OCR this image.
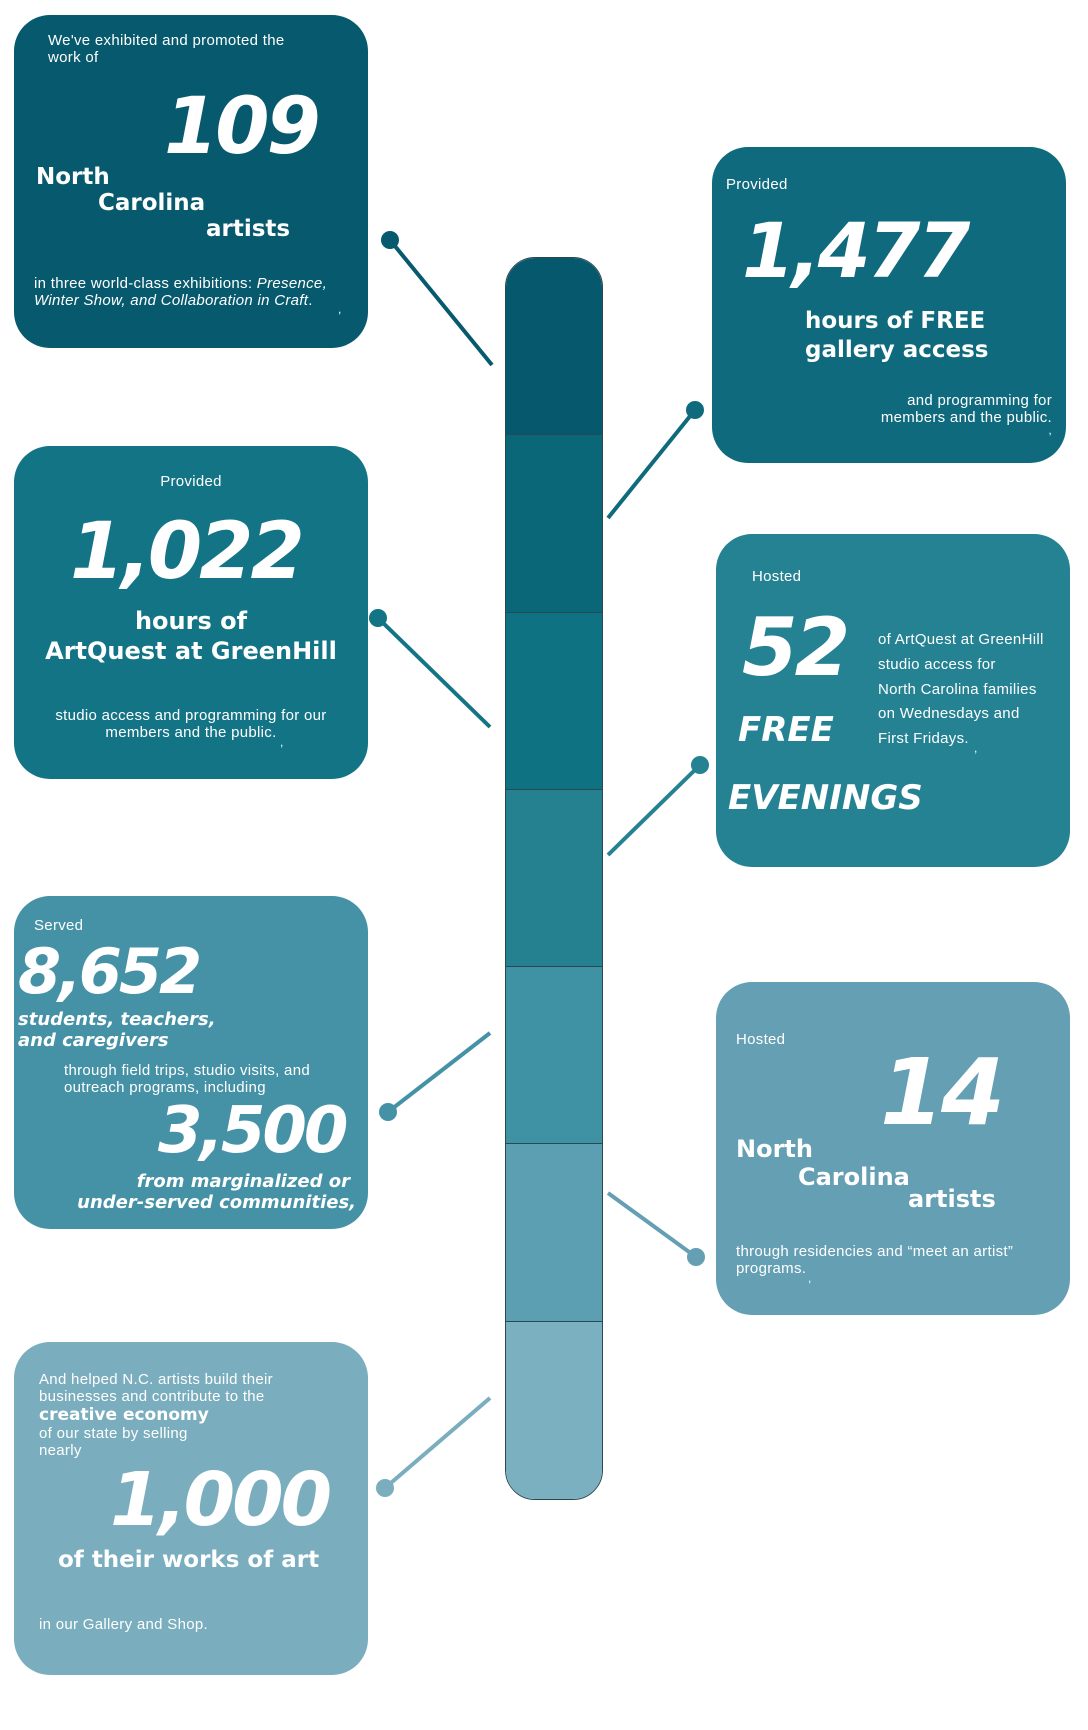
We've exhibited and promoted the

work of

109

North

Carolina

artists

in three world-class exhibitions: Presence,

Winter Show, and Collaboration in Craft. ,

Provided

1,477

hours of FREE

gallery access

and programming for

members and the public.

,

Provided

1,022

hours of

ArtQuest at GreenHill

studio access and programming for our

members and the public.

,

Hosted

52

FREE

EVENINGS

of ArtQuest at GreenHill

studio access for

North Carolina families

on Wednesdays and

First Fridays.

,

Served

8,652

students, teachers,

and caregivers

through field trips, studio visits, and

outreach programs, including

3,500

from marginalized or

under-served communities,

Hosted 14

North

Carolina

artists

through residencies and “meet an artist”

programs.

,

And helped N.C. artists build their

businesses and contribute to the

creative economy

of our state by selling

nearly

1,000

of their works of art

in our Gallery and Shop.
